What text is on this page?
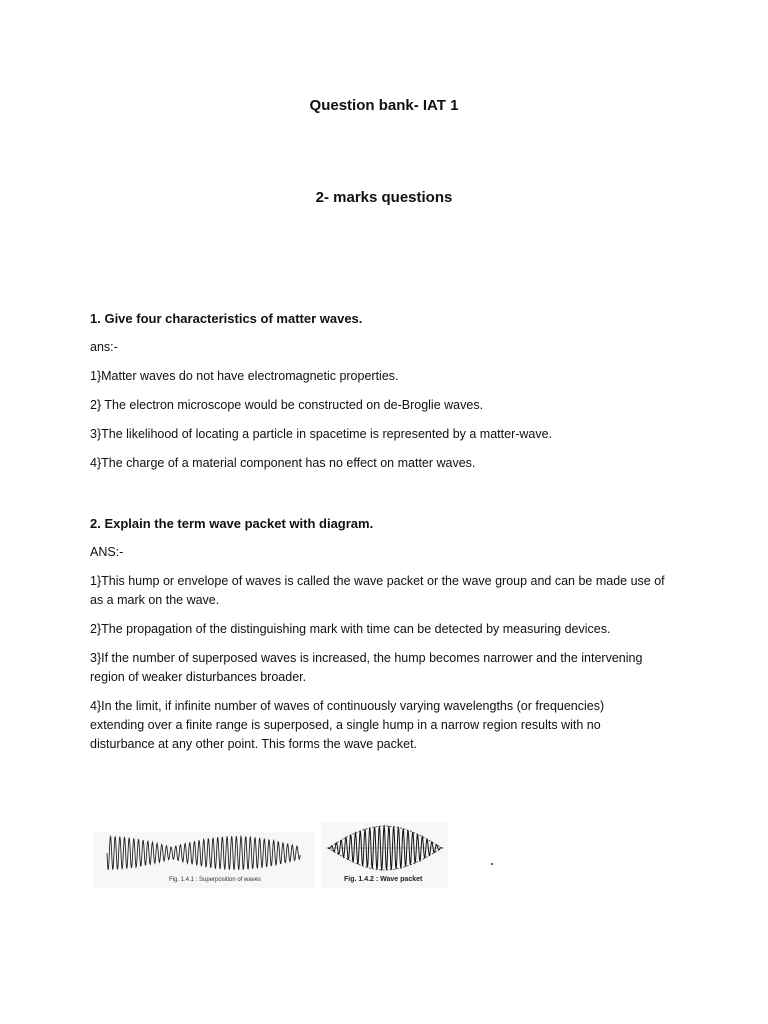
Question bank- IAT 1
2- marks questions
1. Give four characteristics of matter waves.
ans:-
1}Matter waves do not have electromagnetic properties.
2} The electron microscope would be constructed on de-Broglie waves.
3}The likelihood of locating a particle in spacetime is represented by a matter-wave.
4}The charge of a material component has no effect on matter waves.
2. Explain the term wave packet with diagram.
ANS:-
1}This hump or envelope of waves is called the wave packet or the wave group and can be made use of
as a mark on the wave.
2}The propagation of the distinguishing mark with time can be detected by measuring devices.
3}If the number of superposed waves is increased, the hump becomes narrower and the intervening
region of weaker disturbances broader.
4}In the limit, if infinite number of waves of continuously varying wavelengths (or frequencies)
extending over a finite range is superposed, a single hump in a narrow region results with no
disturbance at any other point. This forms the wave packet.
Fig. 1.4.1 : Superposition of waves	Fig. 1.4.2 : Wave packet
